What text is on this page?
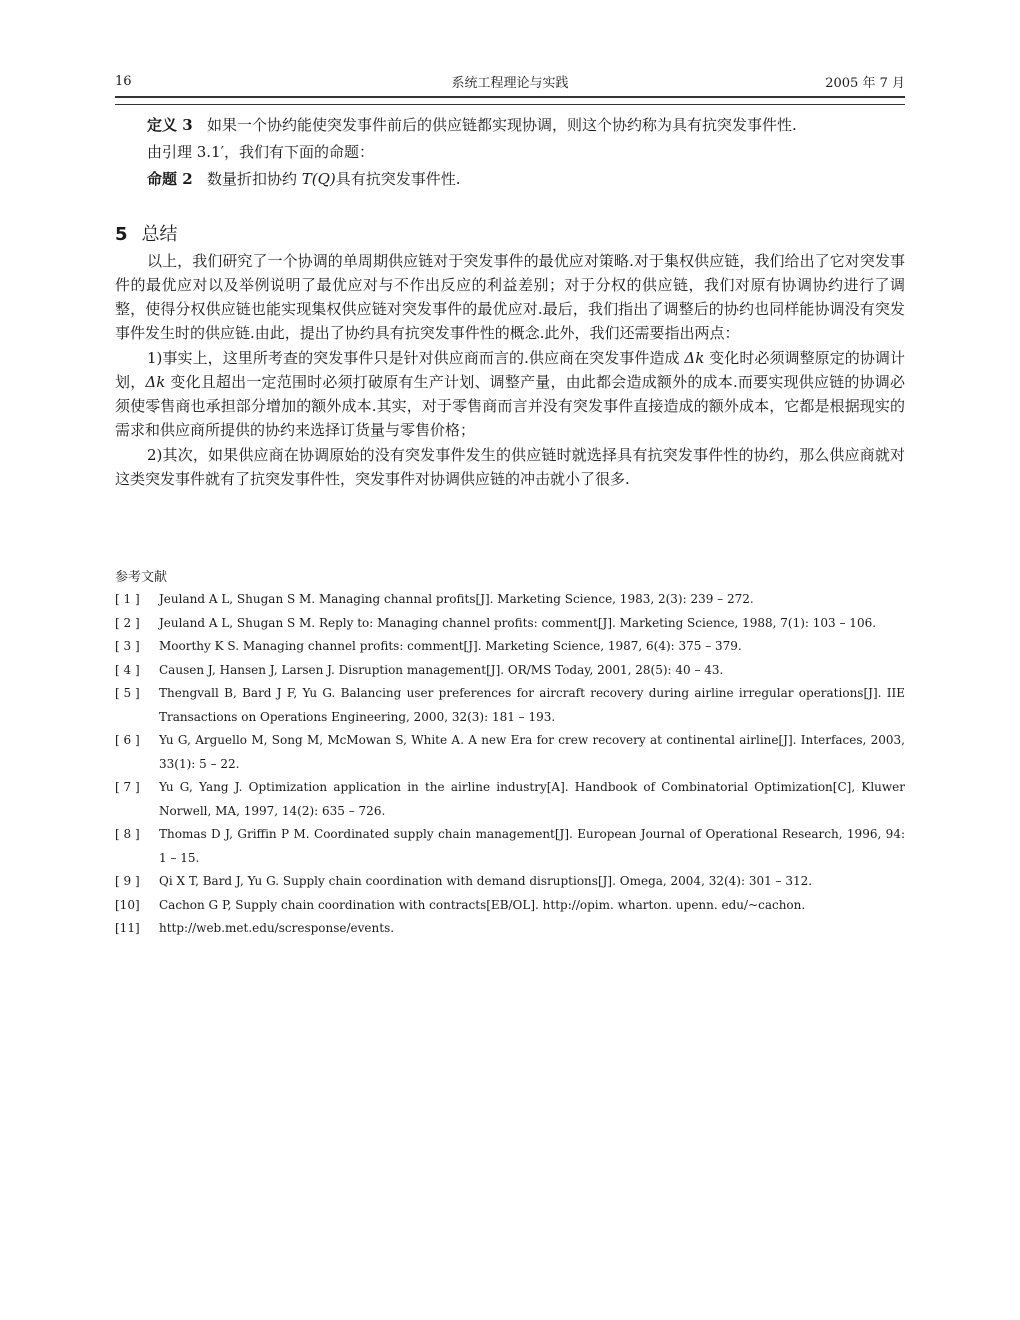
16	系统工程理论与实践	2005 年 7 月

定义 3 如果一个协约能使突发事件前后的供应链都实现协调，则这个协约称为具有抗突发事件性.

由引理 3.1′，我们有下面的命题：

命题 2 数量折扣协约 T(Q)具有抗突发事件性.

5 总结

以上，我们研究了一个协调的单周期供应链对于突发事件的最优应对策略.对于集权供应链，我们给出了它对突发事件的最优应对以及举例说明了最优应对与不作出反应的利益差别；对于分权的供应链，我们对原有协调协约进行了调整，使得分权供应链也能实现集权供应链对突发事件的最优应对.最后，我们指出了调整后的协约也同样能协调没有突发事件发生时的供应链.由此，提出了协约具有抗突发事件性的概念.此外，我们还需要指出两点：

1)事实上，这里所考查的突发事件只是针对供应商而言的.供应商在突发事件造成 Δk 变化时必须调整原定的协调计划，Δk 变化且超出一定范围时必须打破原有生产计划、调整产量，由此都会造成额外的成本.而要实现供应链的协调必须使零售商也承担部分增加的额外成本.其实，对于零售商而言并没有突发事件直接造成的额外成本，它都是根据现实的需求和供应商所提供的协约来选择订货量与零售价格；

2)其次，如果供应商在协调原始的没有突发事件发生的供应链时就选择具有抗突发事件性的协约，那么供应商就对这类突发事件就有了抗突发事件性，突发事件对协调供应链的冲击就小了很多.

参考文献
[ 1 ] Jeuland A L, Shugan S M. Managing channal profits[J]. Marketing Science, 1983, 2(3): 239 – 272.
[ 2 ] Jeuland A L, Shugan S M. Reply to: Managing channel profits: comment[J]. Marketing Science, 1988, 7(1): 103 – 106.
[ 3 ] Moorthy K S. Managing channel profits: comment[J]. Marketing Science, 1987, 6(4): 375 – 379.
[ 4 ] Causen J, Hansen J, Larsen J. Disruption management[J]. OR/MS Today, 2001, 28(5): 40 – 43.
[ 5 ] Thengvall B, Bard J F, Yu G. Balancing user preferences for aircraft recovery during airline irregular operations[J]. IIE Transactions on Operations Engineering, 2000, 32(3): 181 – 193.
[ 6 ] Yu G, Arguello M, Song M, McMowan S, White A. A new Era for crew recovery at continental airline[J]. Interfaces, 2003, 33(1): 5 – 22.
[ 7 ] Yu G, Yang J. Optimization application in the airline industry[A]. Handbook of Combinatorial Optimization[C], Kluwer Norwell, MA, 1997, 14(2): 635 – 726.
[ 8 ] Thomas D J, Griffin P M. Coordinated supply chain management[J]. European Journal of Operational Research, 1996, 94: 1 – 15.
[ 9 ] Qi X T, Bard J, Yu G. Supply chain coordination with demand disruptions[J]. Omega, 2004, 32(4): 301 – 312.
[10] Cachon G P, Supply chain coordination with contracts[EB/OL]. http://opim. wharton. upenn. edu/~cachon.
[11] http://web.met.edu/scresponse/events.
